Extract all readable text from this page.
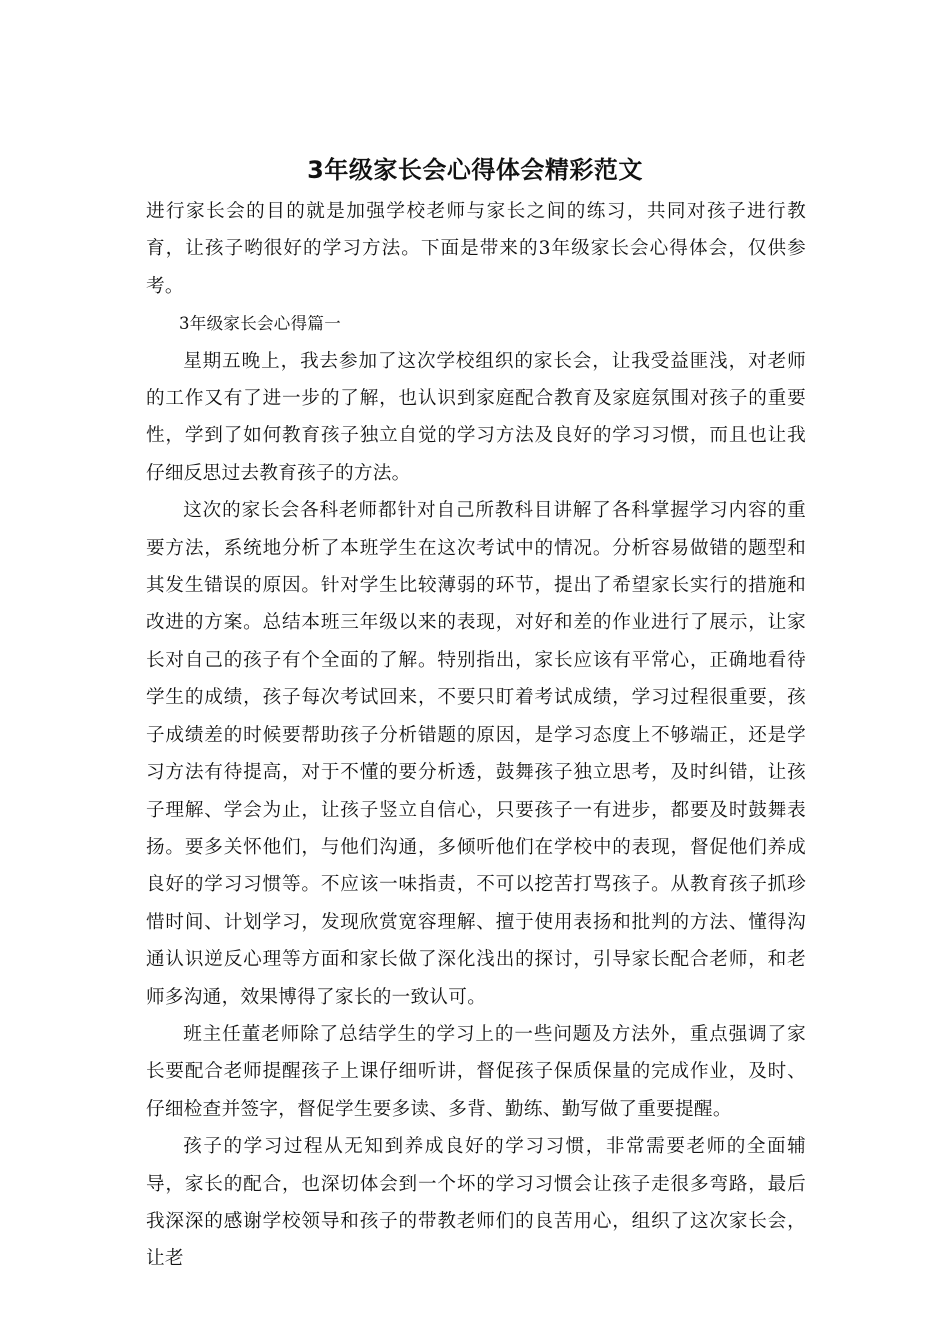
3年级家长会心得体会精彩范文

进行家长会的目的就是加强学校老师与家长之间的练习，共同对孩子进行教育，让孩子哟很好的学习方法。下面是带来的3年级家长会心得体会，仅供参考。

3年级家长会心得篇一

星期五晚上，我去参加了这次学校组织的家长会，让我受益匪浅，对老师的工作又有了进一步的了解，也认识到家庭配合教育及家庭氛围对孩子的重要性，学到了如何教育孩子独立自觉的学习方法及良好的学习习惯，而且也让我仔细反思过去教育孩子的方法。

这次的家长会各科老师都针对自己所教科目讲解了各科掌握学习内容的重要方法，系统地分析了本班学生在这次考试中的情况。分析容易做错的题型和其发生错误的原因。针对学生比较薄弱的环节，提出了希望家长实行的措施和改进的方案。总结本班三年级以来的表现，对好和差的作业进行了展示，让家长对自己的孩子有个全面的了解。特别指出，家长应该有平常心，正确地看待学生的成绩，孩子每次考试回来，不要只盯着考试成绩，学习过程很重要，孩子成绩差的时候要帮助孩子分析错题的原因，是学习态度上不够端正，还是学习方法有待提高，对于不懂的要分析透，鼓舞孩子独立思考，及时纠错，让孩子理解、学会为止，让孩子竖立自信心，只要孩子一有进步，都要及时鼓舞表扬。要多关怀他们，与他们沟通，多倾听他们在学校中的表现，督促他们养成良好的学习习惯等。不应该一味指责，不可以挖苦打骂孩子。从教育孩子抓珍惜时间、计划学习，发现欣赏宽容理解、擅于使用表扬和批判的方法、懂得沟通认识逆反心理等方面和家长做了深化浅出的探讨，引导家长配合老师，和老师多沟通，效果博得了家长的一致认可。

班主任董老师除了总结学生的学习上的一些问题及方法外，重点强调了家长要配合老师提醒孩子上课仔细听讲，督促孩子保质保量的完成作业，及时、仔细检查并签字，督促学生要多读、多背、勤练、勤写做了重要提醒。

孩子的学习过程从无知到养成良好的学习习惯，非常需要老师的全面辅导，家长的配合，也深切体会到一个坏的学习习惯会让孩子走很多弯路，最后我深深的感谢学校领导和孩子的带教老师们的良苦用心，组织了这次家长会，让老
